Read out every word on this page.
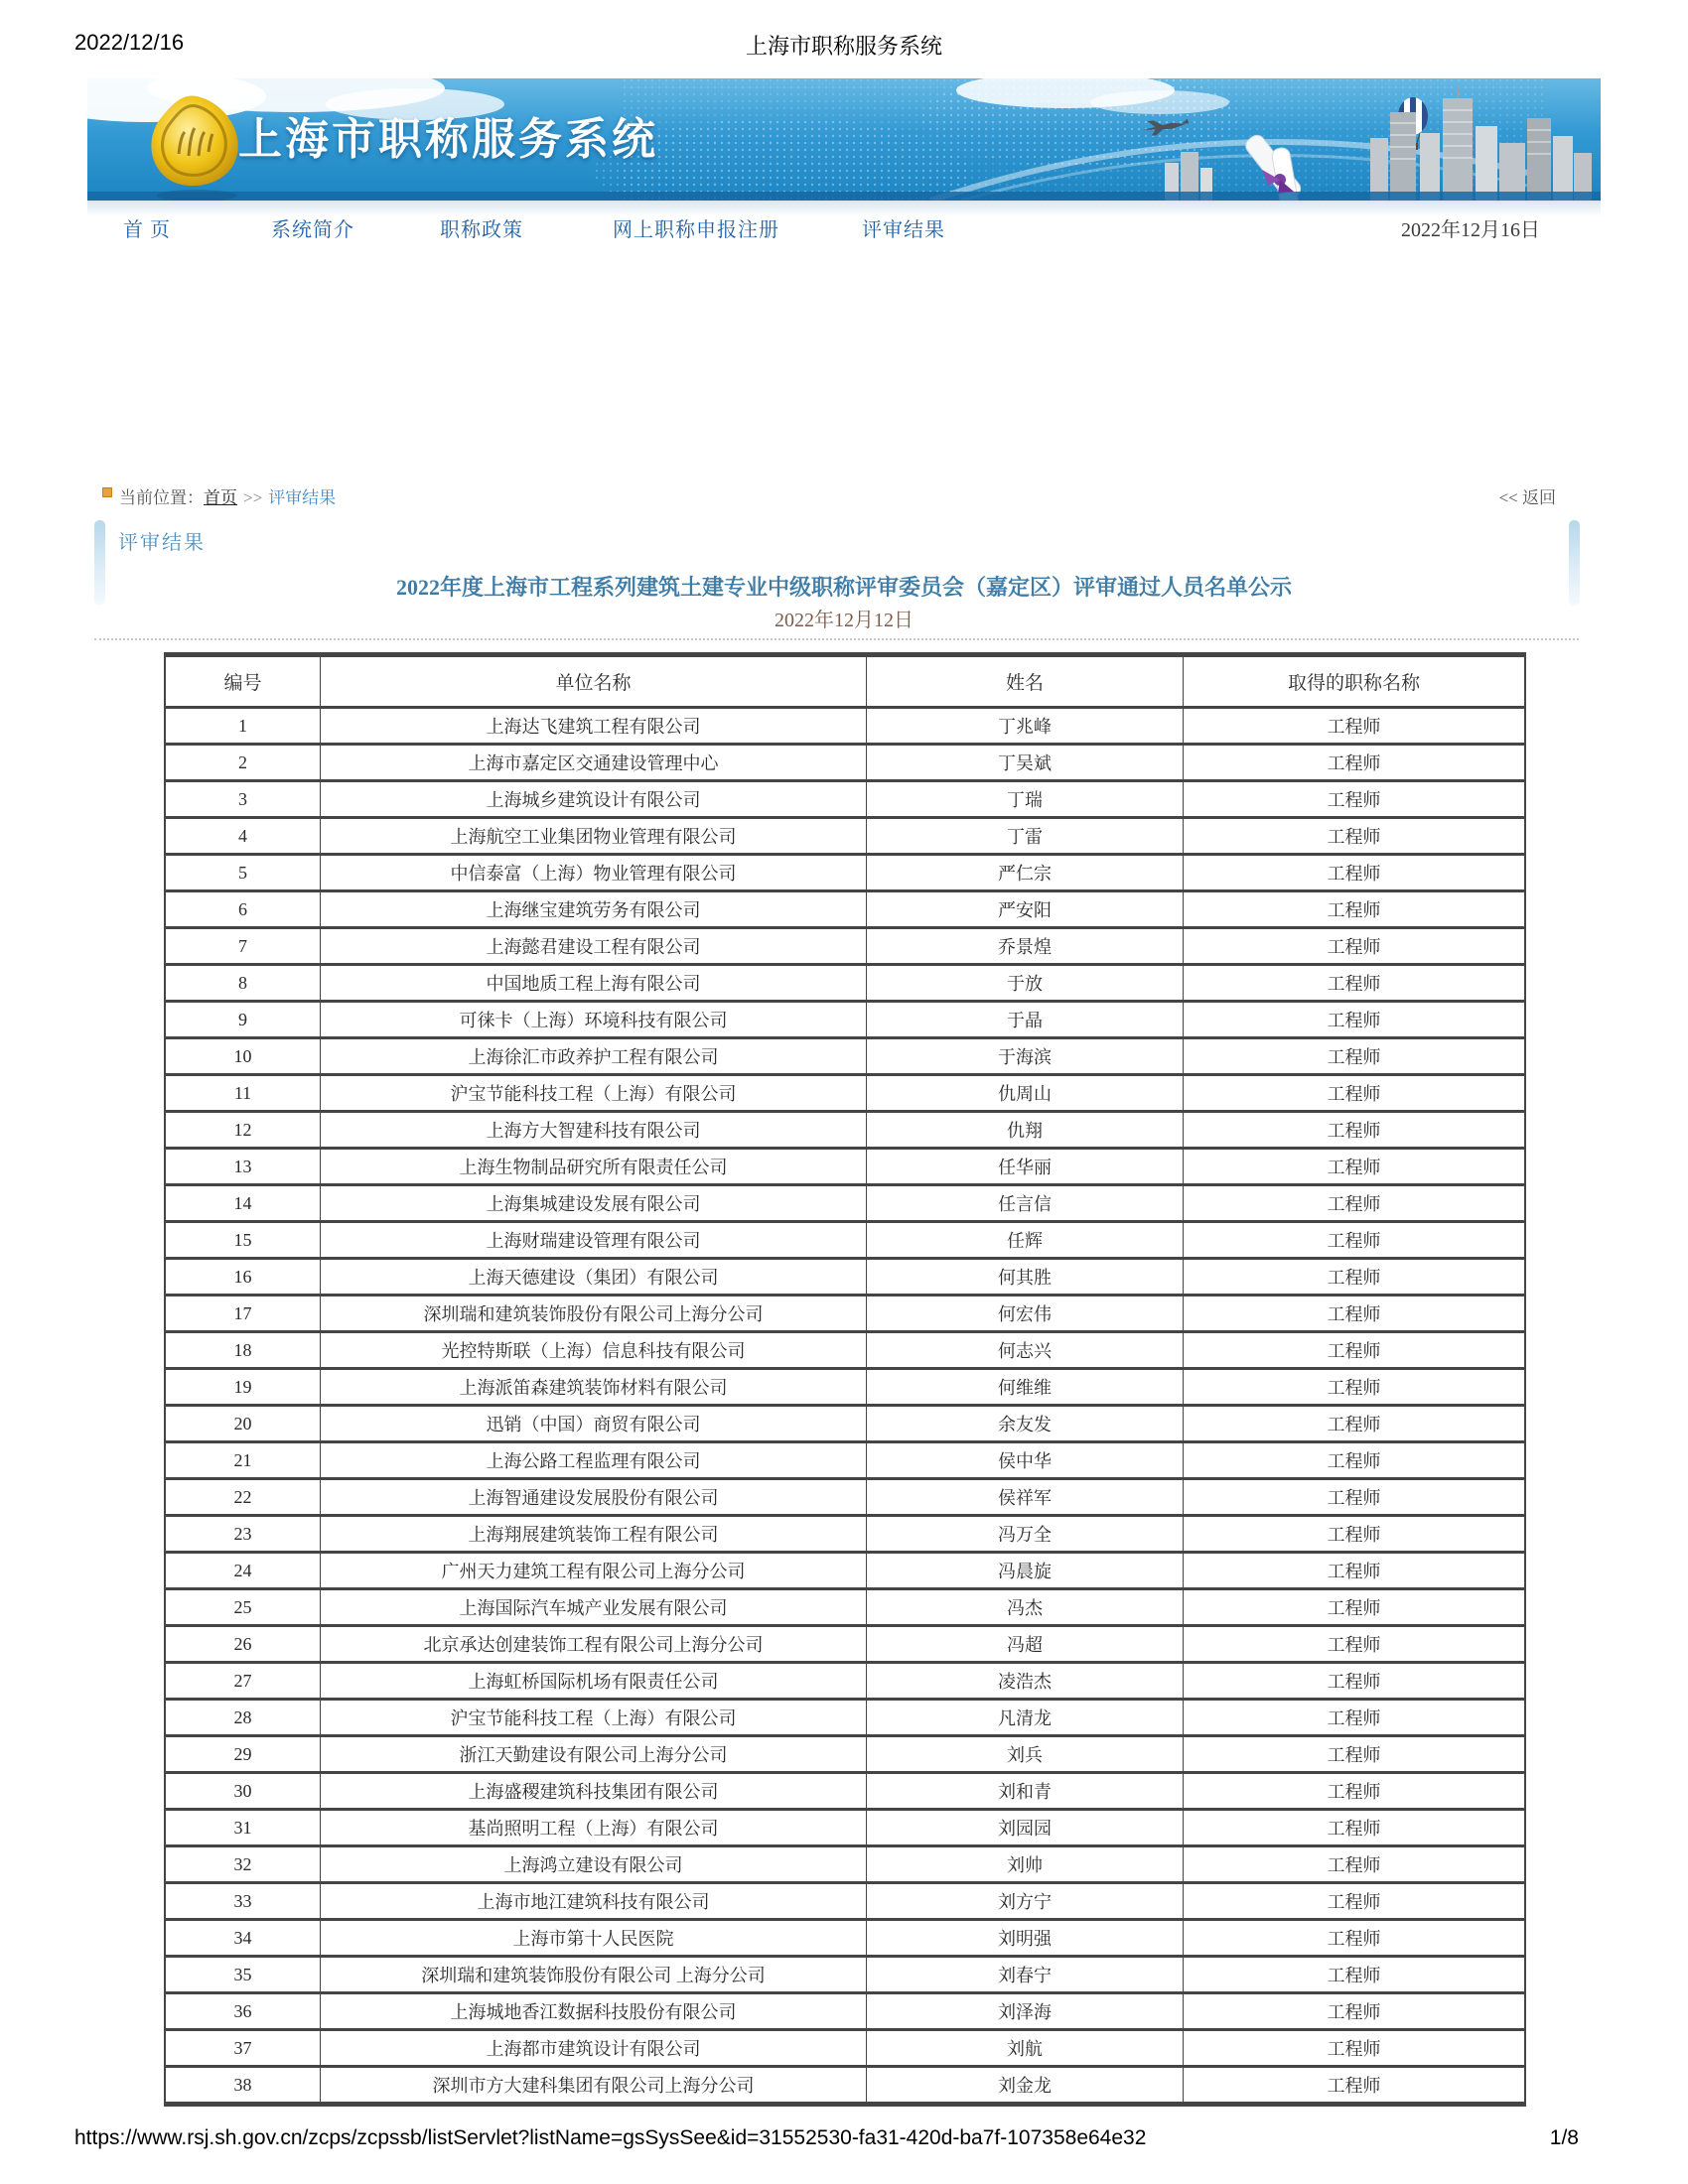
2022/12/16	上海市职称服务系统
上海市职称服务系统
首 页	系统简介	职称政策	网上职称申报注册	评审结果	2022年12月16日
当前位置：首页 >> 评审结果	<< 返回
评审结果
2022年度上海市工程系列建筑土建专业中级职称评审委员会（嘉定区）评审通过人员名单公示
2022年12月12日
编号	单位名称	姓名	取得的职称名称
1	上海达飞建筑工程有限公司	丁兆峰	工程师
2	上海市嘉定区交通建设管理中心	丁吴斌	工程师
3	上海城乡建筑设计有限公司	丁瑞	工程师
4	上海航空工业集团物业管理有限公司	丁雷	工程师
5	中信泰富（上海）物业管理有限公司	严仁宗	工程师
6	上海继宝建筑劳务有限公司	严安阳	工程师
7	上海懿君建设工程有限公司	乔景煌	工程师
8	中国地质工程上海有限公司	于放	工程师
9	可徕卡（上海）环境科技有限公司	于晶	工程师
10	上海徐汇市政养护工程有限公司	于海滨	工程师
11	沪宝节能科技工程（上海）有限公司	仇周山	工程师
12	上海方大智建科技有限公司	仇翔	工程师
13	上海生物制品研究所有限责任公司	任华丽	工程师
14	上海集城建设发展有限公司	任言信	工程师
15	上海财瑞建设管理有限公司	任辉	工程师
16	上海天德建设（集团）有限公司	何其胜	工程师
17	深圳瑞和建筑装饰股份有限公司上海分公司	何宏伟	工程师
18	光控特斯联（上海）信息科技有限公司	何志兴	工程师
19	上海派笛森建筑装饰材料有限公司	何维维	工程师
20	迅销（中国）商贸有限公司	余友发	工程师
21	上海公路工程监理有限公司	侯中华	工程师
22	上海智通建设发展股份有限公司	侯祥军	工程师
23	上海翔展建筑装饰工程有限公司	冯万全	工程师
24	广州天力建筑工程有限公司上海分公司	冯晨旋	工程师
25	上海国际汽车城产业发展有限公司	冯杰	工程师
26	北京承达创建装饰工程有限公司上海分公司	冯超	工程师
27	上海虹桥国际机场有限责任公司	凌浩杰	工程师
28	沪宝节能科技工程（上海）有限公司	凡清龙	工程师
29	浙江天勤建设有限公司上海分公司	刘兵	工程师
30	上海盛稷建筑科技集团有限公司	刘和青	工程师
31	基尚照明工程（上海）有限公司	刘园园	工程师
32	上海鸿立建设有限公司	刘帅	工程师
33	上海市地江建筑科技有限公司	刘方宁	工程师
34	上海市第十人民医院	刘明强	工程师
35	深圳瑞和建筑装饰股份有限公司 上海分公司	刘春宁	工程师
36	上海城地香江数据科技股份有限公司	刘泽海	工程师
37	上海都市建筑设计有限公司	刘航	工程师
38	深圳市方大建科集团有限公司上海分公司	刘金龙	工程师
https://www.rsj.sh.gov.cn/zcps/zcpssb/listServlet?listName=gsSysSee&id=31552530-fa31-420d-ba7f-107358e64e32	1/8
